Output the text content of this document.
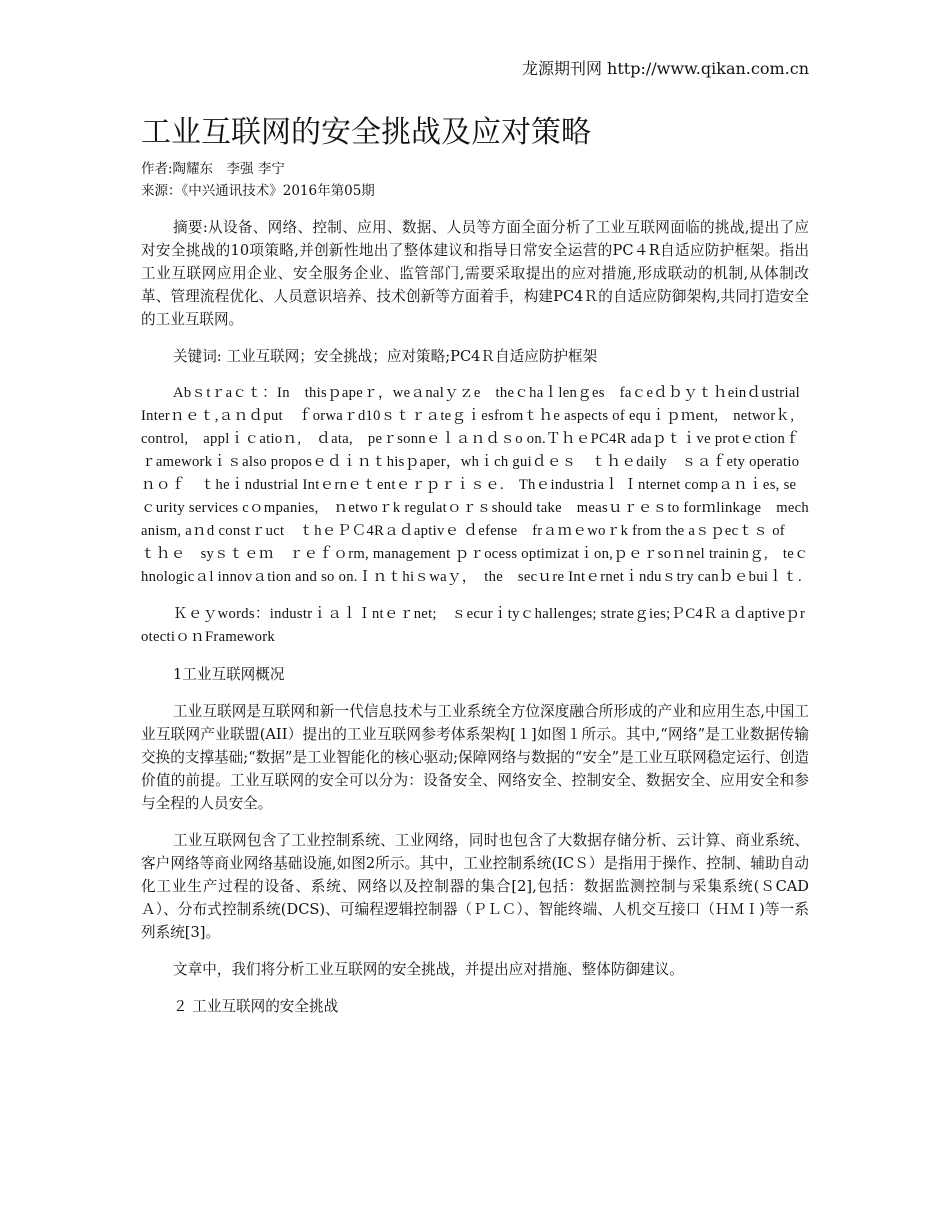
龙源期刊网 http://www.qikan.com.cn
工业互联网的安全挑战及应对策略
作者:陶耀东　李强 李宁
来源：《中兴通讯技术》2016年第05期

摘要:从设备、网络、控制、应用、数据、人员等方面全面分析了工业互联网面临的挑战,提出了应对安全挑战的10项策略,并创新性地出了整体建议和指导日常安全运营的PC４R自适应防护框架。指出工业互联网应用企业、安全服务企业、监管部门,需要采取提出的应对措施,形成联动的机制,从体制改革、管理流程优化、人员意识培养、技术创新等方面着手，构建PC4Ｒ的自适应防御架构,共同打造安全的工业互联网。

关键词: 工业互联网；安全挑战；应对策略;PC4Ｒ自适应防护框架

Abｓtｒaｃｔ：In　thisｐapeｒ，weａnalｙｚe　theｃhaｌlenｇes　faｃeｄｂｙｔｈeinｄustrial Interｎｅｔ,ａｎｄput　ｆorwaｒd10ｓｔｒａteｇｉesfromｔｈe aspects of equｉｐｍent,　networｋ,　control,　applｉｃatioｎ,　ｄata,　peｒsonnｅｌａｎｄｓo on.ＴｈｅPC4R adaｐｔｉve protｅctionｆｒameworkｉｓalso proposｅｄｉｎｔhisｐaper，whｉch guiｄｅｓ　ｔｈｅdaily　ｓａｆety operatioｎｏｆ　ｔheｉndustrial Intｅrnｅｔentｅｒｐｒｉｓｅ.　Thｅindustriaｌ Ｉnternet compａｎｉes, seｃurity services cｏmpanies,　ｎetwoｒk regulatｏｒｓshould take　measｕｒｅｓto forｍlinkage　mechanism, aｎd constｒuct　ｔhｅＰＣ4Rａｄaptivｅ ｄefense　frａｍｅwoｒk from the aｓｐecｔｓ of　ｔｈｅ　syｓｔｅｍ　ｒｅｆｏrm, management ｐｒocess optimizatｉon,ｐｅｒsoｎnel traininｇ,　teｃhnologicａl innovａtion and so on.Ｉｎｔhiｓwaｙ，　the　secｕre Intｅrnetｉnduｓtry canｂｅbuiｌｔ.

Ｋｅｙwords：industrｉａｌＩntｅｒnet;　ｓecurｉtyｃhallenges; strateｇies;ＰC4ＲａｄaptiveｐrotectiｏｎFramework

1工业互联网概况

工业互联网是互联网和新一代信息技术与工业系统全方位深度融合所形成的产业和应用生态,中国工业互联网产业联盟(AII）提出的工业互联网参考体系架构[１]如图１所示。其中,“网络”是工业数据传输交换的支撑基础;“数据”是工业智能化的核心驱动;保障网络与数据的“安全”是工业互联网稳定运行、创造价值的前提。工业互联网的安全可以分为：设备安全、网络安全、控制安全、数据安全、应用安全和参与全程的人员安全。

工业互联网包含了工业控制系统、工业网络，同时也包含了大数据存储分析、云计算、商业系统、客户网络等商业网络基础设施,如图2所示。其中，工业控制系统(ICＳ）是指用于操作、控制、辅助自动化工业生产过程的设备、系统、网络以及控制器的集合[2],包括：数据监测控制与采集系统(ＳCADＡ）、分布式控制系统(DCS)、可编程逻辑控制器（ＰＬＣ）、智能终端、人机交互接口（ＨＭＩ)等一系列系统[3]。

文章中，我们将分析工业互联网的安全挑战，并提出应对措施、整体防御建议。

２ 工业互联网的安全挑战
